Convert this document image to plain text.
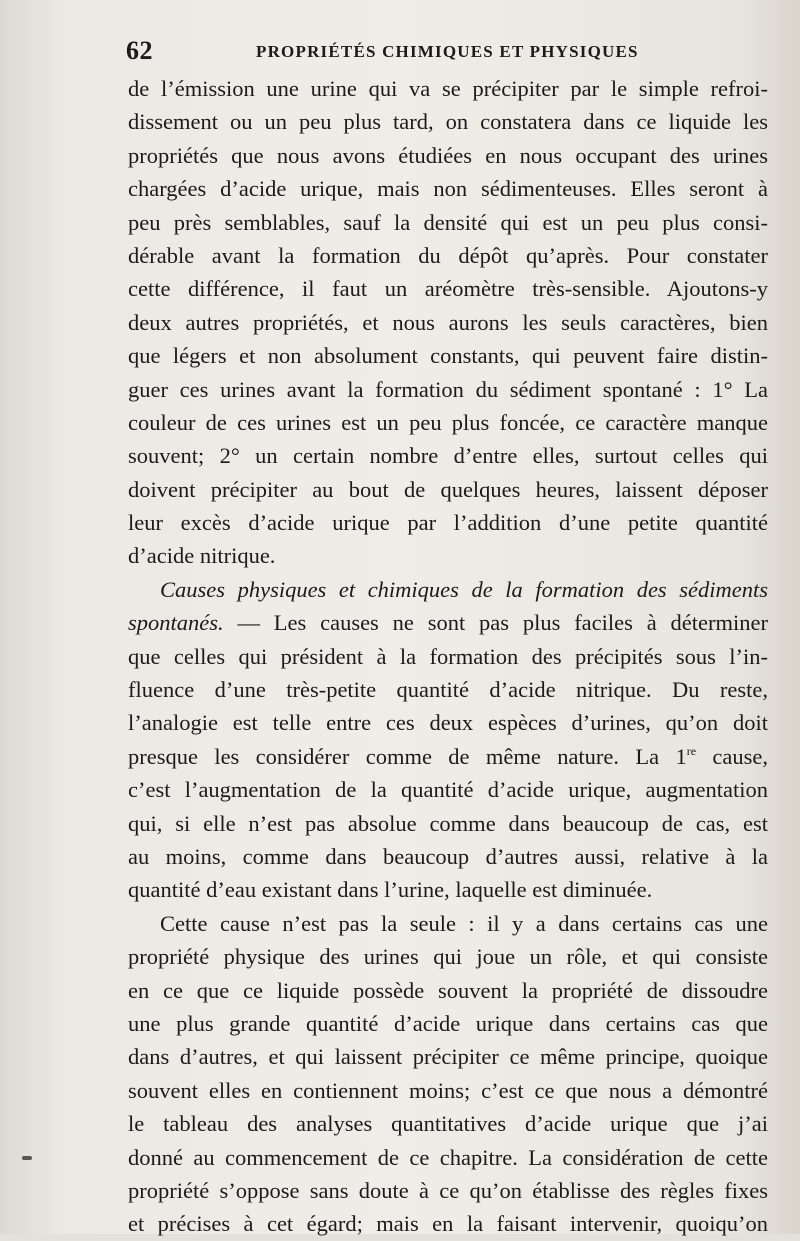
62	PROPRIÉTÉS CHIMIQUES ET PHYSIQUES
de l’émission une urine qui va se précipiter par le simple refroi-
dissement ou un peu plus tard, on constatera dans ce liquide les
propriétés que nous avons étudiées en nous occupant des urines
chargées d’acide urique, mais non sédimenteuses. Elles seront à
peu près semblables, sauf la densité qui est un peu plus consi-
dérable avant la formation du dépôt qu’après. Pour constater
cette différence, il faut un aréomètre très-sensible. Ajoutons-y
deux autres propriétés, et nous aurons les seuls caractères, bien
que légers et non absolument constants, qui peuvent faire distin-
guer ces urines avant la formation du sédiment spontané : 1° La
couleur de ces urines est un peu plus foncée, ce caractère manque
souvent; 2° un certain nombre d’entre elles, surtout celles qui
doivent précipiter au bout de quelques heures, laissent déposer
leur excès d’acide urique par l’addition d’une petite quantité
d’acide nitrique.
Causes physiques et chimiques de la formation des sédiments
spontanés. — Les causes ne sont pas plus faciles à déterminer
que celles qui président à la formation des précipités sous l’in-
fluence d’une très-petite quantité d’acide nitrique. Du reste,
l’analogie est telle entre ces deux espèces d’urines, qu’on doit
presque les considérer comme de même nature. La 1re cause,
c’est l’augmentation de la quantité d’acide urique, augmentation
qui, si elle n’est pas absolue comme dans beaucoup de cas, est
au moins, comme dans beaucoup d’autres aussi, relative à la
quantité d’eau existant dans l’urine, laquelle est diminuée.
Cette cause n’est pas la seule : il y a dans certains cas une
propriété physique des urines qui joue un rôle, et qui consiste
en ce que ce liquide possède souvent la propriété de dissoudre
une plus grande quantité d’acide urique dans certains cas que
dans d’autres, et qui laissent précipiter ce même principe, quoique
souvent elles en contiennent moins; c’est ce que nous a démontré
le tableau des analyses quantitatives d’acide urique que j’ai
donné au commencement de ce chapitre. La considération de cette
propriété s’oppose sans doute à ce qu’on établisse des règles fixes
et précises à cet égard; mais en la faisant intervenir, quoiqu’on
